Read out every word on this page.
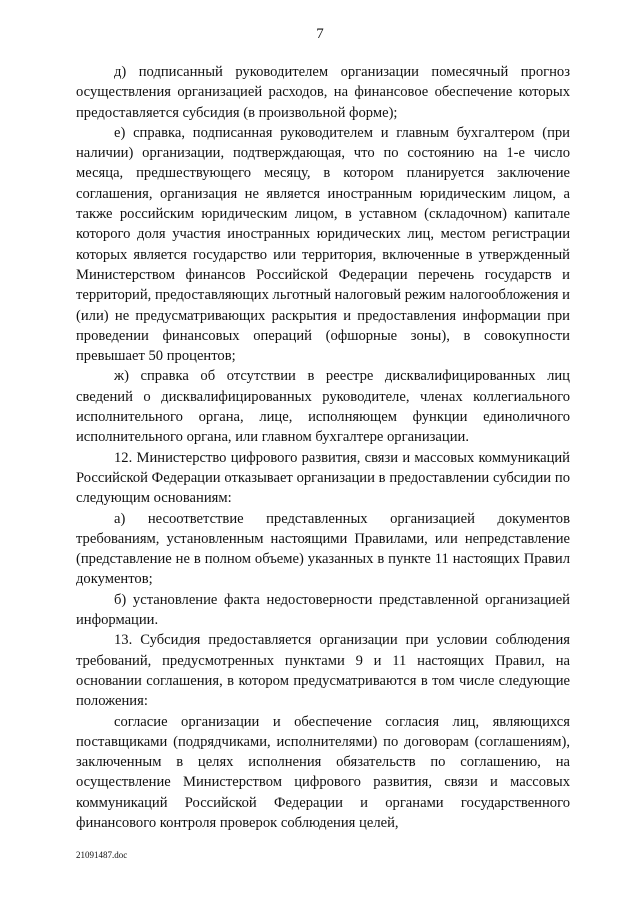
7

д) подписанный руководителем организации помесячный прогноз осуществления организацией расходов, на финансовое обеспечение которых предоставляется субсидия (в произвольной форме);

е) справка, подписанная руководителем и главным бухгалтером (при наличии) организации, подтверждающая, что по состоянию на 1-е число месяца, предшествующего месяцу, в котором планируется заключение соглашения, организация не является иностранным юридическим лицом, а также российским юридическим лицом, в уставном (складочном) капитале которого доля участия иностранных юридических лиц, местом регистрации которых является государство или территория, включенные в утвержденный Министерством финансов Российской Федерации перечень государств и территорий, предоставляющих льготный налоговый режим налогообложения и (или) не предусматривающих раскрытия и предоставления информации при проведении финансовых операций (офшорные зоны), в совокупности превышает 50 процентов;

ж) справка об отсутствии в реестре дисквалифицированных лиц сведений о дисквалифицированных руководителе, членах коллегиального исполнительного органа, лице, исполняющем функции единоличного исполнительного органа, или главном бухгалтере организации.

12. Министерство цифрового развития, связи и массовых коммуникаций Российской Федерации отказывает организации в предоставлении субсидии по следующим основаниям:

а) несоответствие представленных организацией документов требованиям, установленным настоящими Правилами, или непредставление (представление не в полном объеме) указанных в пункте 11 настоящих Правил документов;

б) установление факта недостоверности представленной организацией информации.

13. Субсидия предоставляется организации при условии соблюдения требований, предусмотренных пунктами 9 и 11 настоящих Правил, на основании соглашения, в котором предусматриваются в том числе следующие положения:

согласие организации и обеспечение согласия лиц, являющихся поставщиками (подрядчиками, исполнителями) по договорам (соглашениям), заключенным в целях исполнения обязательств по соглашению, на осуществление Министерством цифрового развития, связи и массовых коммуникаций Российской Федерации и органами государственного финансового контроля проверок соблюдения целей,

21091487.doc
